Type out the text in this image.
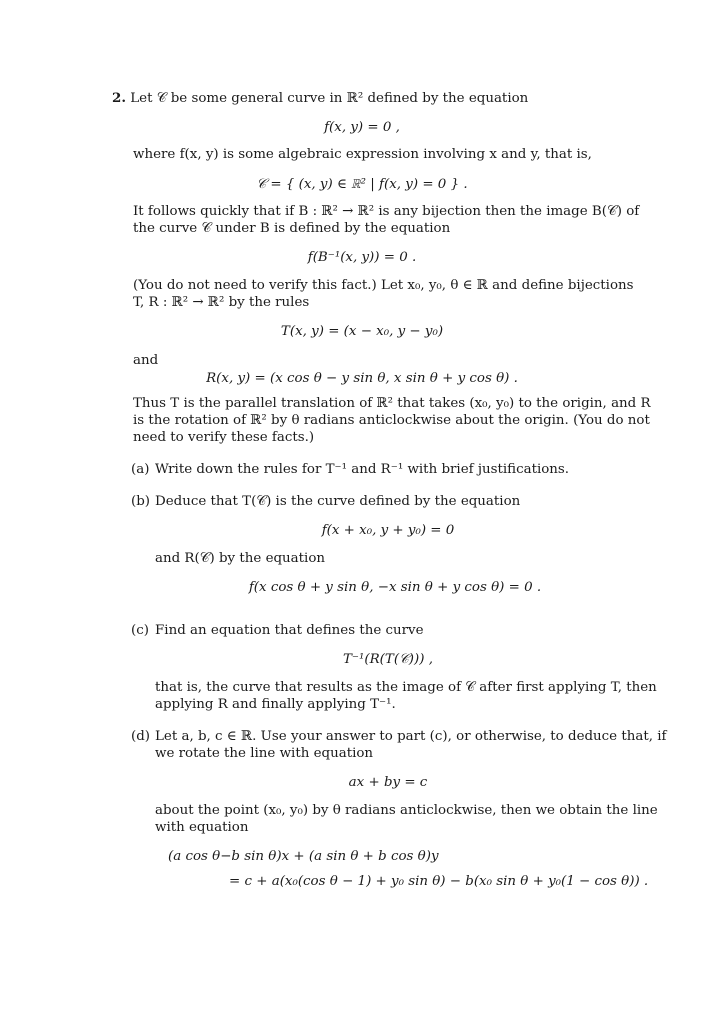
2. Let 𝒞 be some general curve in ℝ² defined by the equation
f(x, y) = 0 ,
where f(x, y) is some algebraic expression involving x and y, that is,
𝒞 = { (x, y) ∈ ℝ² | f(x, y) = 0 } .
It follows quickly that if B : ℝ² → ℝ² is any bijection then the image B(𝒞) of
the curve 𝒞 under B is defined by the equation
f(B⁻¹(x, y)) = 0 .
(You do not need to verify this fact.) Let x₀, y₀, θ ∈ ℝ and define bijections
T, R : ℝ² → ℝ² by the rules
T(x, y) = (x − x₀, y − y₀)
and
R(x, y) = (x cos θ − y sin θ, x sin θ + y cos θ) .
Thus T is the parallel translation of ℝ² that takes (x₀, y₀) to the origin, and R
is the rotation of ℝ² by θ radians anticlockwise about the origin. (You do not
need to verify these facts.)
(a) Write down the rules for T⁻¹ and R⁻¹ with brief justifications.
(b) Deduce that T(𝒞) is the curve defined by the equation
f(x + x₀, y + y₀) = 0
and R(𝒞) by the equation
f(x cos θ + y sin θ, −x sin θ + y cos θ) = 0 .
(c) Find an equation that defines the curve
T⁻¹(R(T(𝒞))) ,
that is, the curve that results as the image of 𝒞 after first applying T, then
applying R and finally applying T⁻¹.
(d) Let a, b, c ∈ ℝ. Use your answer to part (c), or otherwise, to deduce that, if
we rotate the line with equation
ax + by = c
about the point (x₀, y₀) by θ radians anticlockwise, then we obtain the line
with equation
(a cos θ−b sin θ)x + (a sin θ + b cos θ)y
= c + a(x₀(cos θ − 1) + y₀ sin θ) − b(x₀ sin θ + y₀(1 − cos θ)) .
